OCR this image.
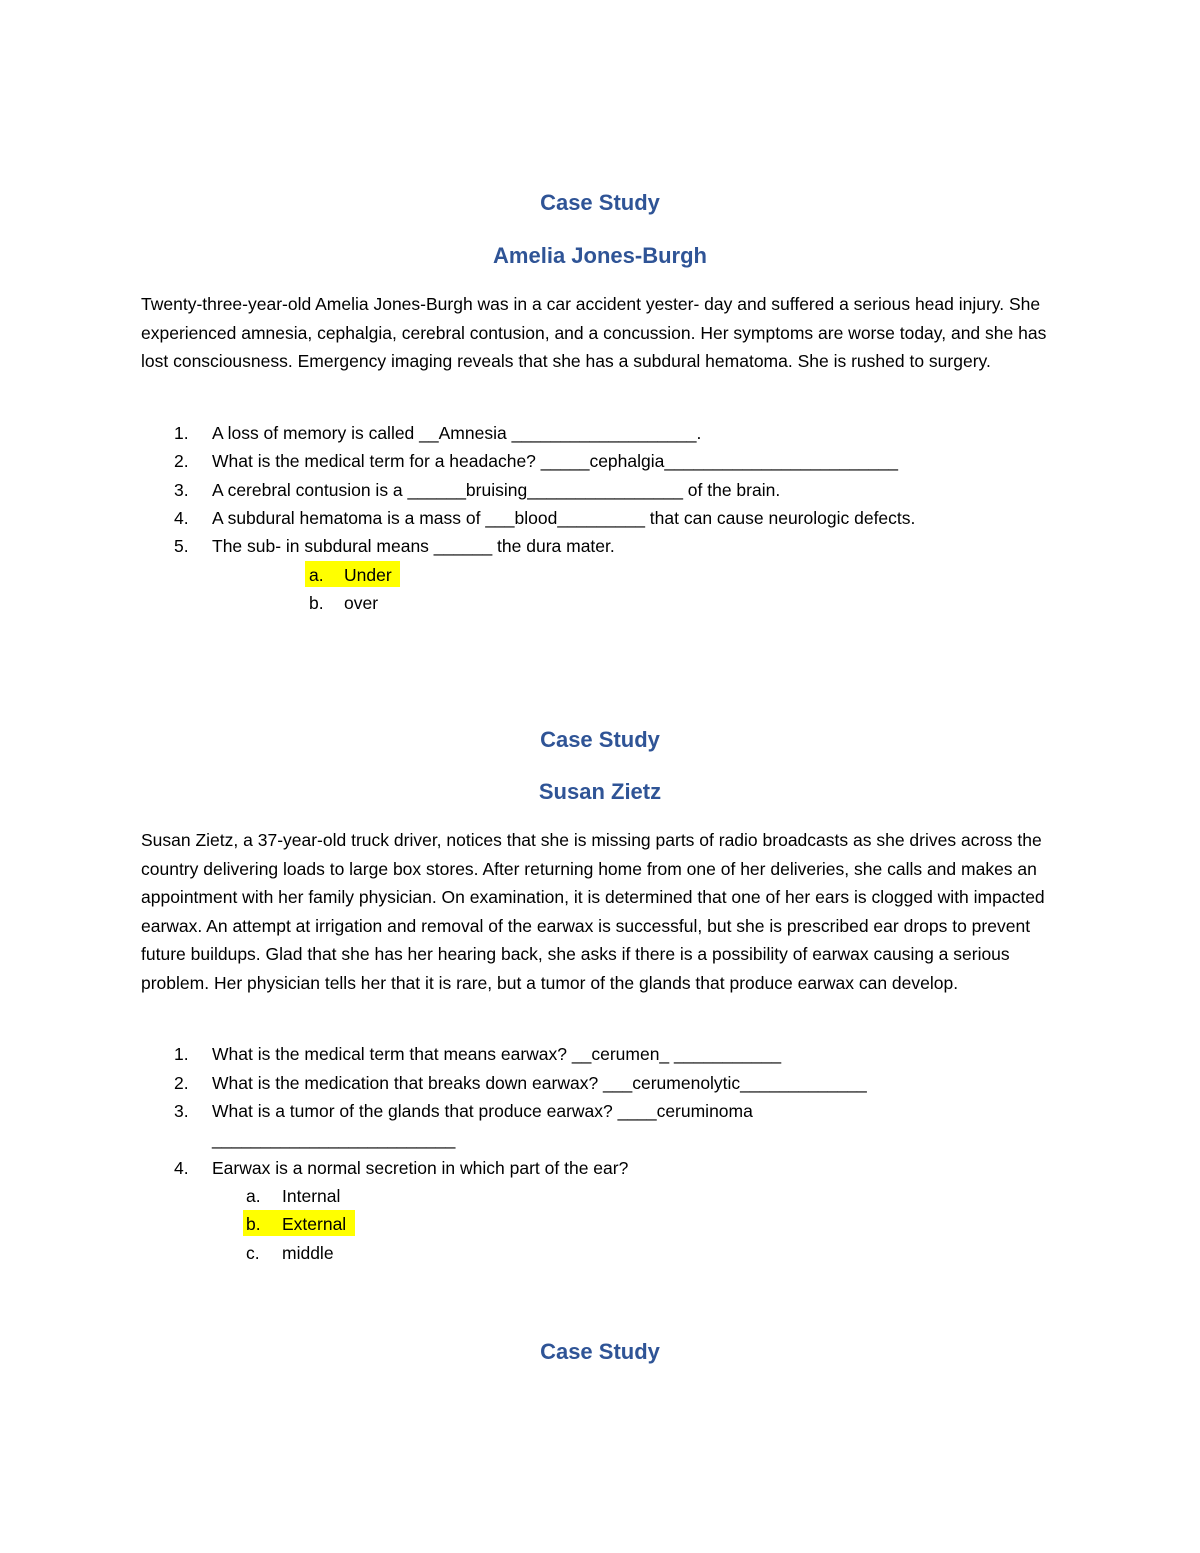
Case Study
Amelia Jones-Burgh
Twenty-three-year-old Amelia Jones-Burgh was in a car accident yester- day and suffered a serious head injury. She experienced amnesia, cephalgia, cerebral contusion, and a concussion. Her symptoms are worse today, and she has lost consciousness. Emergency imaging reveals that she has a subdural hematoma. She is rushed to surgery.
1.	A loss of memory is called __Amnesia ___________________.
2.	What is the medical term for a headache? _____cephalgia________________________
3.	A cerebral contusion is a ______bruising________________ of the brain.
4.	A subdural hematoma is a mass of ___blood_________ that can cause neurologic defects.
5.	The sub- in subdural means ______ the dura mater.
a.	Under
b.	over
Case Study
Susan Zietz
Susan Zietz, a 37-year-old truck driver, notices that she is missing parts of radio broadcasts as she drives across the country delivering loads to large box stores. After returning home from one of her deliveries, she calls and makes an appointment with her family physician. On examination, it is determined that one of her ears is clogged with impacted earwax. An attempt at irrigation and removal of the earwax is successful, but she is prescribed ear drops to prevent future buildups. Glad that she has her hearing back, she asks if there is a possibility of earwax causing a serious problem. Her physician tells her that it is rare, but a tumor of the glands that produce earwax can develop.
1.	What is the medical term that means earwax? __cerumen_ ___________
2.	What is the medication that breaks down earwax? ___cerumenolytic_____________
3.	What is a tumor of the glands that produce earwax? ____ceruminoma
_________________________
4.	Earwax is a normal secretion in which part of the ear?
a.	Internal
b.	External
c.	middle
Case Study
